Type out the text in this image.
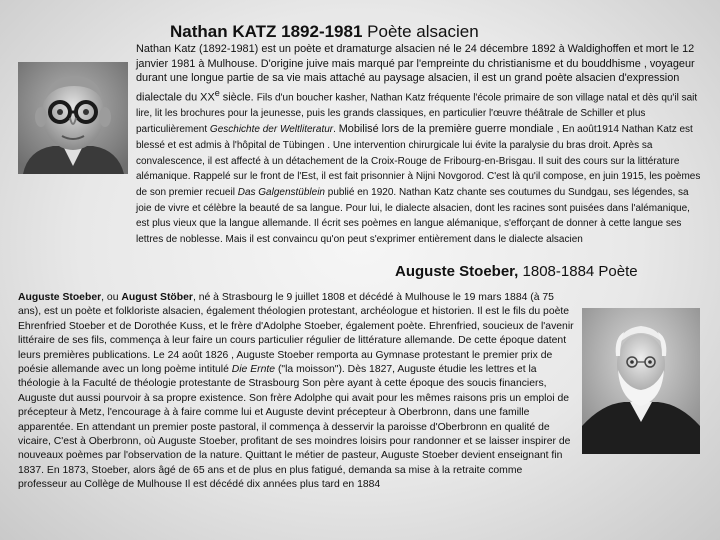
Nathan KATZ 1892-1981 Poète alsacien
Nathan Katz (1892-1981) est un poète et dramaturge alsacien né le 24 décembre 1892 à Waldighoffen et mort le 12 janvier 1981 à Mulhouse. D'origine juive mais marqué par l'empreinte du christianisme et du bouddhisme , voyageur durant une longue partie de sa vie mais attaché au paysage alsacien, il est un grand poète alsacien d'expression dialectale du XXe siècle. Fils d'un boucher kasher, Nathan Katz fréquente l'école primaire de son village natal et dès qu'il sait lire, lit les brochures pour la jeunesse, puis les grands classiques, en particulier l'œuvre théâtrale de Schiller et plus particulièrement Geschichte der Weltliteratur. Mobilisé lors de la première guerre mondiale , En août1914 Nathan Katz est blessé et est admis à l'hôpital de Tübingen . Une intervention chirurgicale lui évite la paralysie du bras droit. Après sa convalescence, il est affecté à un détachement de la Croix-Rouge de Fribourg-en-Brisgau. Il suit des cours sur la littérature alémanique. Rappelé sur le front de l'Est, il est fait prisonnier à Nijni Novgorod. C'est là qu'il compose, en juin 1915, les poèmes de son premier recueil Das Galgenstüblein publié en 1920. Nathan Katz chante ses coutumes du Sundgau, ses légendes, sa joie de vivre et célèbre la beauté de sa langue. Pour lui, le dialecte alsacien, dont les racines sont puisées dans l'alémanique, est plus vieux que la langue allemande. Il écrit ses poèmes en langue alémanique, s'efforçant de donner à cette langue ses lettres de noblesse. Mais il est convaincu qu'on peut s'exprimer entièrement dans le dialecte alsacien
Auguste Stoeber, 1808-1884 Poète
Auguste Stoeber, ou August Stöber, né à Strasbourg le 9 juillet 1808 et décédé à Mulhouse le 19 mars 1884 (à 75 ans), est un poète et folkloriste alsacien, également théologien protestant, archéologue et historien. Il est le fils du poète Ehrenfried Stoeber et de Dorothée Kuss, et le frère d'Adolphe Stoeber, également poète. Ehrenfried, soucieux de l'avenir littéraire de ses fils, commença à leur faire un cours particulier régulier de littérature allemande. De cette époque datent leurs premières publications. Le 24 août 1826 , Auguste Stoeber remporta au Gymnase protestant le premier prix de poésie allemande avec un long poème intitulé Die Ernte ("la moisson"). Dès 1827, Auguste étudie les lettres et la théologie à la Faculté de théologie protestante de Strasbourg Son père ayant à cette époque des soucis financiers, Auguste dut aussi pourvoir à sa propre existence. Son frère Adolphe qui avait pour les mêmes raisons pris un emploi de précepteur à Metz, l'encourage à à faire comme lui et Auguste devint précepteur à Oberbronn, dans une famille apparentée. En attendant un premier poste pastoral, il commença à desservir la paroisse d'Oberbronn en qualité de vicaire, C'est à Oberbronn, où Auguste Stoeber, profitant de ses moindres loisirs pour randonner et se laisser inspirer de nouveaux poèmes par l'observation de la nature. Quittant le métier de pasteur, Auguste Stoeber devient enseignant fin 1837. En 1873, Stoeber, alors âgé de 65 ans et de plus en plus fatigué, demanda sa mise à la retraite comme professeur au Collège de Mulhouse Il est décédé dix années plus tard en 1884
